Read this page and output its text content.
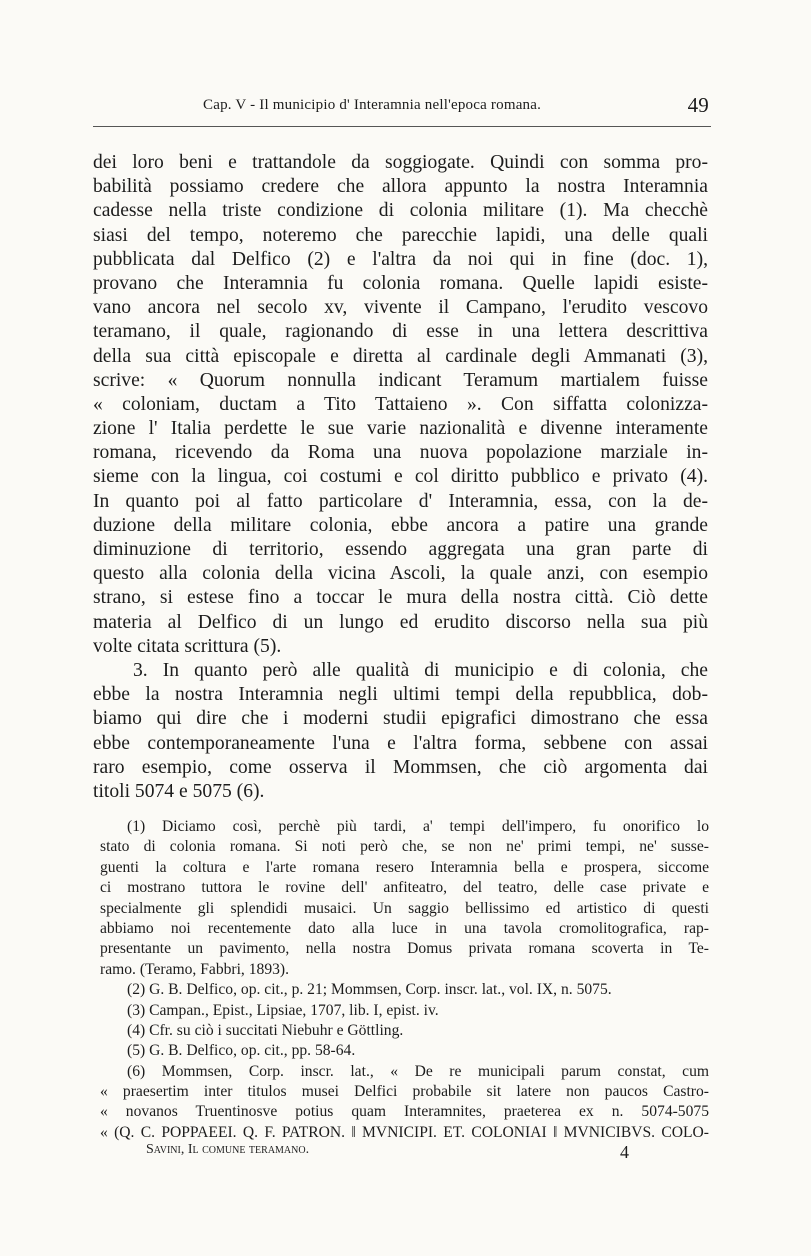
Cap. V - Il municipio d' Interamnia nell'epoca romana.	49
dei loro beni e trattandole da soggiogate. Quindi con somma pro-
babilità possiamo credere che allora appunto la nostra Interamnia
cadesse nella triste condizione di colonia militare (1). Ma checchè
siasi del tempo, noteremo che parecchie lapidi, una delle quali
pubblicata dal Delfico (2) e l'altra da noi qui in fine (doc. 1),
provano che Interamnia fu colonia romana. Quelle lapidi esiste-
vano ancora nel secolo xv, vivente il Campano, l'erudito vescovo
teramano, il quale, ragionando di esse in una lettera descrittiva
della sua città episcopale e diretta al cardinale degli Ammanati (3),
scrive: « Quorum nonnulla indicant Teramum martialem fuisse
« coloniam, ductam a Tito Tattaieno ». Con siffatta colonizza-
zione l' Italia perdette le sue varie nazionalità e divenne interamente
romana, ricevendo da Roma una nuova popolazione marziale in-
sieme con la lingua, coi costumi e col diritto pubblico e privato (4).
In quanto poi al fatto particolare d' Interamnia, essa, con la de-
duzione della militare colonia, ebbe ancora a patire una grande
diminuzione di territorio, essendo aggregata una gran parte di
questo alla colonia della vicina Ascoli, la quale anzi, con esempio
strano, si estese fino a toccar le mura della nostra città. Ciò dette
materia al Delfico di un lungo ed erudito discorso nella sua più
volte citata scrittura (5).
3. In quanto però alle qualità di municipio e di colonia, che
ebbe la nostra Interamnia negli ultimi tempi della repubblica, dob-
biamo qui dire che i moderni studii epigrafici dimostrano che essa
ebbe contemporaneamente l'una e l'altra forma, sebbene con assai
raro esempio, come osserva il Mommsen, che ciò argomenta dai
titoli 5074 e 5075 (6).
(1) Diciamo così, perchè più tardi, a' tempi dell'impero, fu onorifico lo
stato di colonia romana. Si noti però che, se non ne' primi tempi, ne' susse-
guenti la coltura e l'arte romana resero Interamnia bella e prospera, siccome
ci mostrano tuttora le rovine dell' anfiteatro, del teatro, delle case private e
specialmente gli splendidi musaici. Un saggio bellissimo ed artistico di questi
abbiamo noi recentemente dato alla luce in una tavola cromolitografica, rap-
presentante un pavimento, nella nostra Domus privata romana scoverta in Te-
ramo. (Teramo, Fabbri, 1893).
(2) G. B. Delfico, op. cit., p. 21; Mommsen, Corp. inscr. lat., vol. IX, n. 5075.
(3) Campan., Epist., Lipsiae, 1707, lib. I, epist. iv.
(4) Cfr. su ciò i succitati Niebuhr e Göttling.
(5) G. B. Delfico, op. cit., pp. 58-64.
(6) Mommsen, Corp. inscr. lat., « De re municipali parum constat, cum
« praesertim inter titulos musei Delfici probabile sit latere non paucos Castro-
« novanos Truentinosve potius quam Interamnites, praeterea ex n. 5074-5075
« (Q. C. POPPAEEI. Q. F. PATRON. ‖ MVNICIPI. ET. COLONIAI ‖ MVNICIBVS. COLO-
Savini, Il comune teramano.	4
